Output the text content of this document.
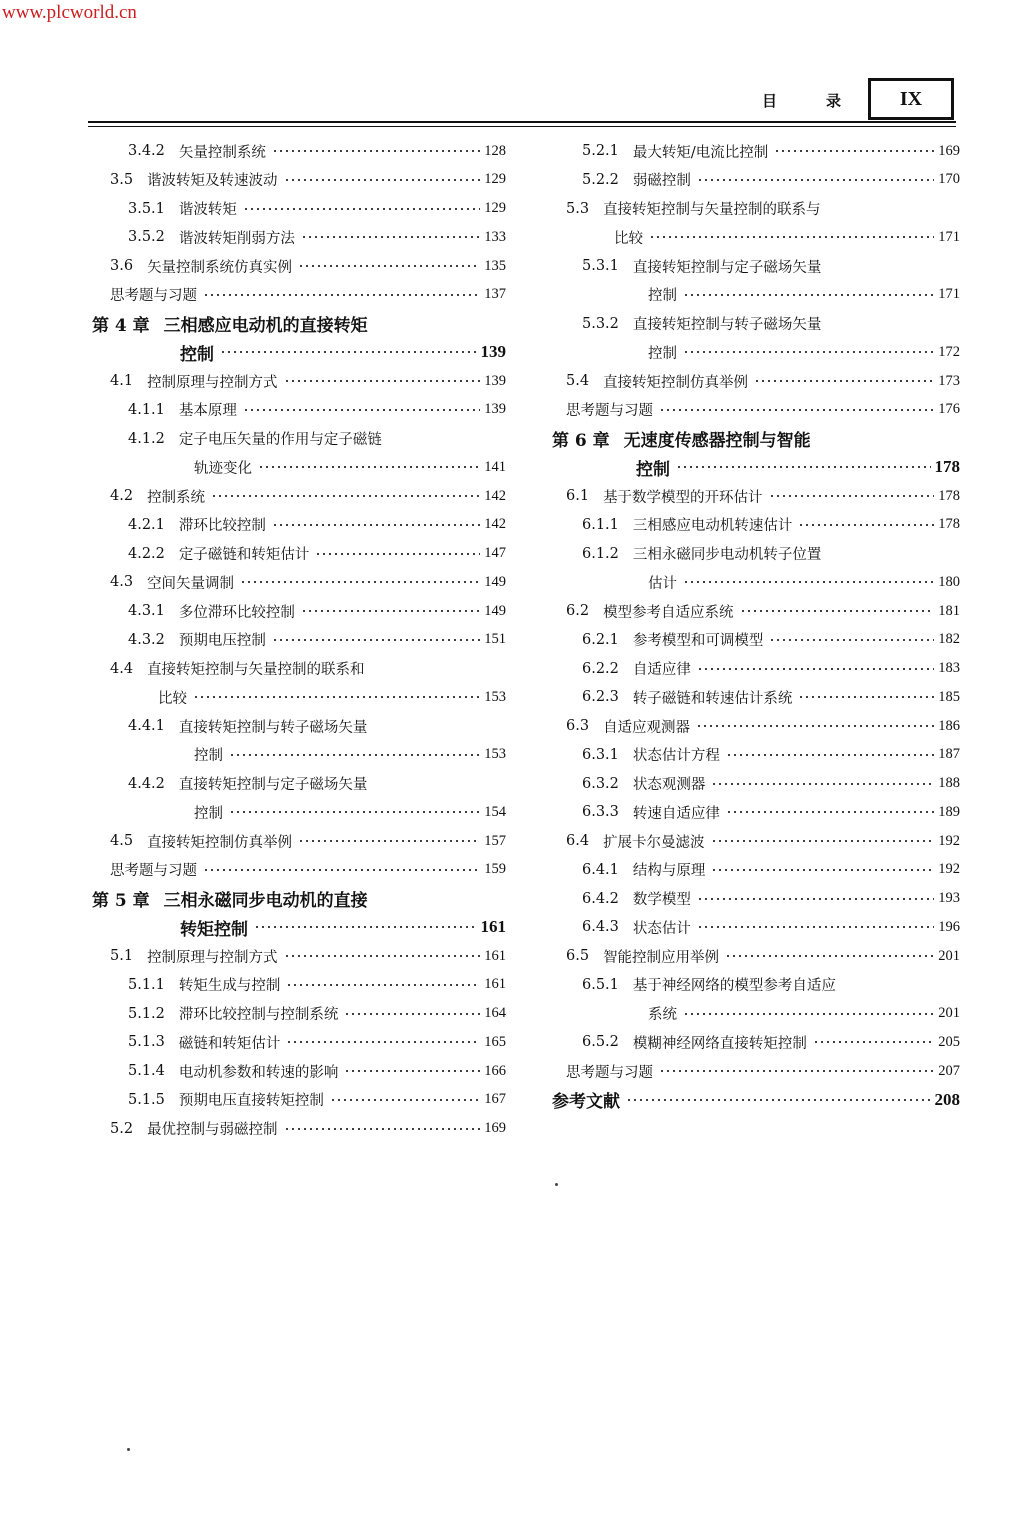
www.plcworld.cn
目	录	IX
3.4.2 矢量控制系统	128
3.5 谐波转矩及转速波动	129
3.5.1 谐波转矩	129
3.5.2 谐波转矩削弱方法	133
3.6 矢量控制系统仿真实例	135
思考题与习题	137
第 4 章 三相感应电动机的直接转矩
控制	139
4.1 控制原理与控制方式	139
4.1.1 基本原理	139
4.1.2 定子电压矢量的作用与定子磁链
轨迹变化	141
4.2 控制系统	142
4.2.1 滞环比较控制	142
4.2.2 定子磁链和转矩估计	147
4.3 空间矢量调制	149
4.3.1 多位滞环比较控制	149
4.3.2 预期电压控制	151
4.4 直接转矩控制与矢量控制的联系和
比较	153
4.4.1 直接转矩控制与转子磁场矢量
控制	153
4.4.2 直接转矩控制与定子磁场矢量
控制	154
4.5 直接转矩控制仿真举例	157
思考题与习题	159
第 5 章 三相永磁同步电动机的直接
转矩控制	161
5.1 控制原理与控制方式	161
5.1.1 转矩生成与控制	161
5.1.2 滞环比较控制与控制系统	164
5.1.3 磁链和转矩估计	165
5.1.4 电动机参数和转速的影响	166
5.1.5 预期电压直接转矩控制	167
5.2 最优控制与弱磁控制	169
5.2.1 最大转矩/电流比控制	169
5.2.2 弱磁控制	170
5.3 直接转矩控制与矢量控制的联系与
比较	171
5.3.1 直接转矩控制与定子磁场矢量
控制	171
5.3.2 直接转矩控制与转子磁场矢量
控制	172
5.4 直接转矩控制仿真举例	173
思考题与习题	176
第 6 章 无速度传感器控制与智能
控制	178
6.1 基于数学模型的开环估计	178
6.1.1 三相感应电动机转速估计	178
6.1.2 三相永磁同步电动机转子位置
估计	180
6.2 模型参考自适应系统	181
6.2.1 参考模型和可调模型	182
6.2.2 自适应律	183
6.2.3 转子磁链和转速估计系统	185
6.3 自适应观测器	186
6.3.1 状态估计方程	187
6.3.2 状态观测器	188
6.3.3 转速自适应律	189
6.4 扩展卡尔曼滤波	192
6.4.1 结构与原理	192
6.4.2 数学模型	193
6.4.3 状态估计	196
6.5 智能控制应用举例	201
6.5.1 基于神经网络的模型参考自适应
系统	201
6.5.2 模糊神经网络直接转矩控制	205
思考题与习题	207
参考文献	208
